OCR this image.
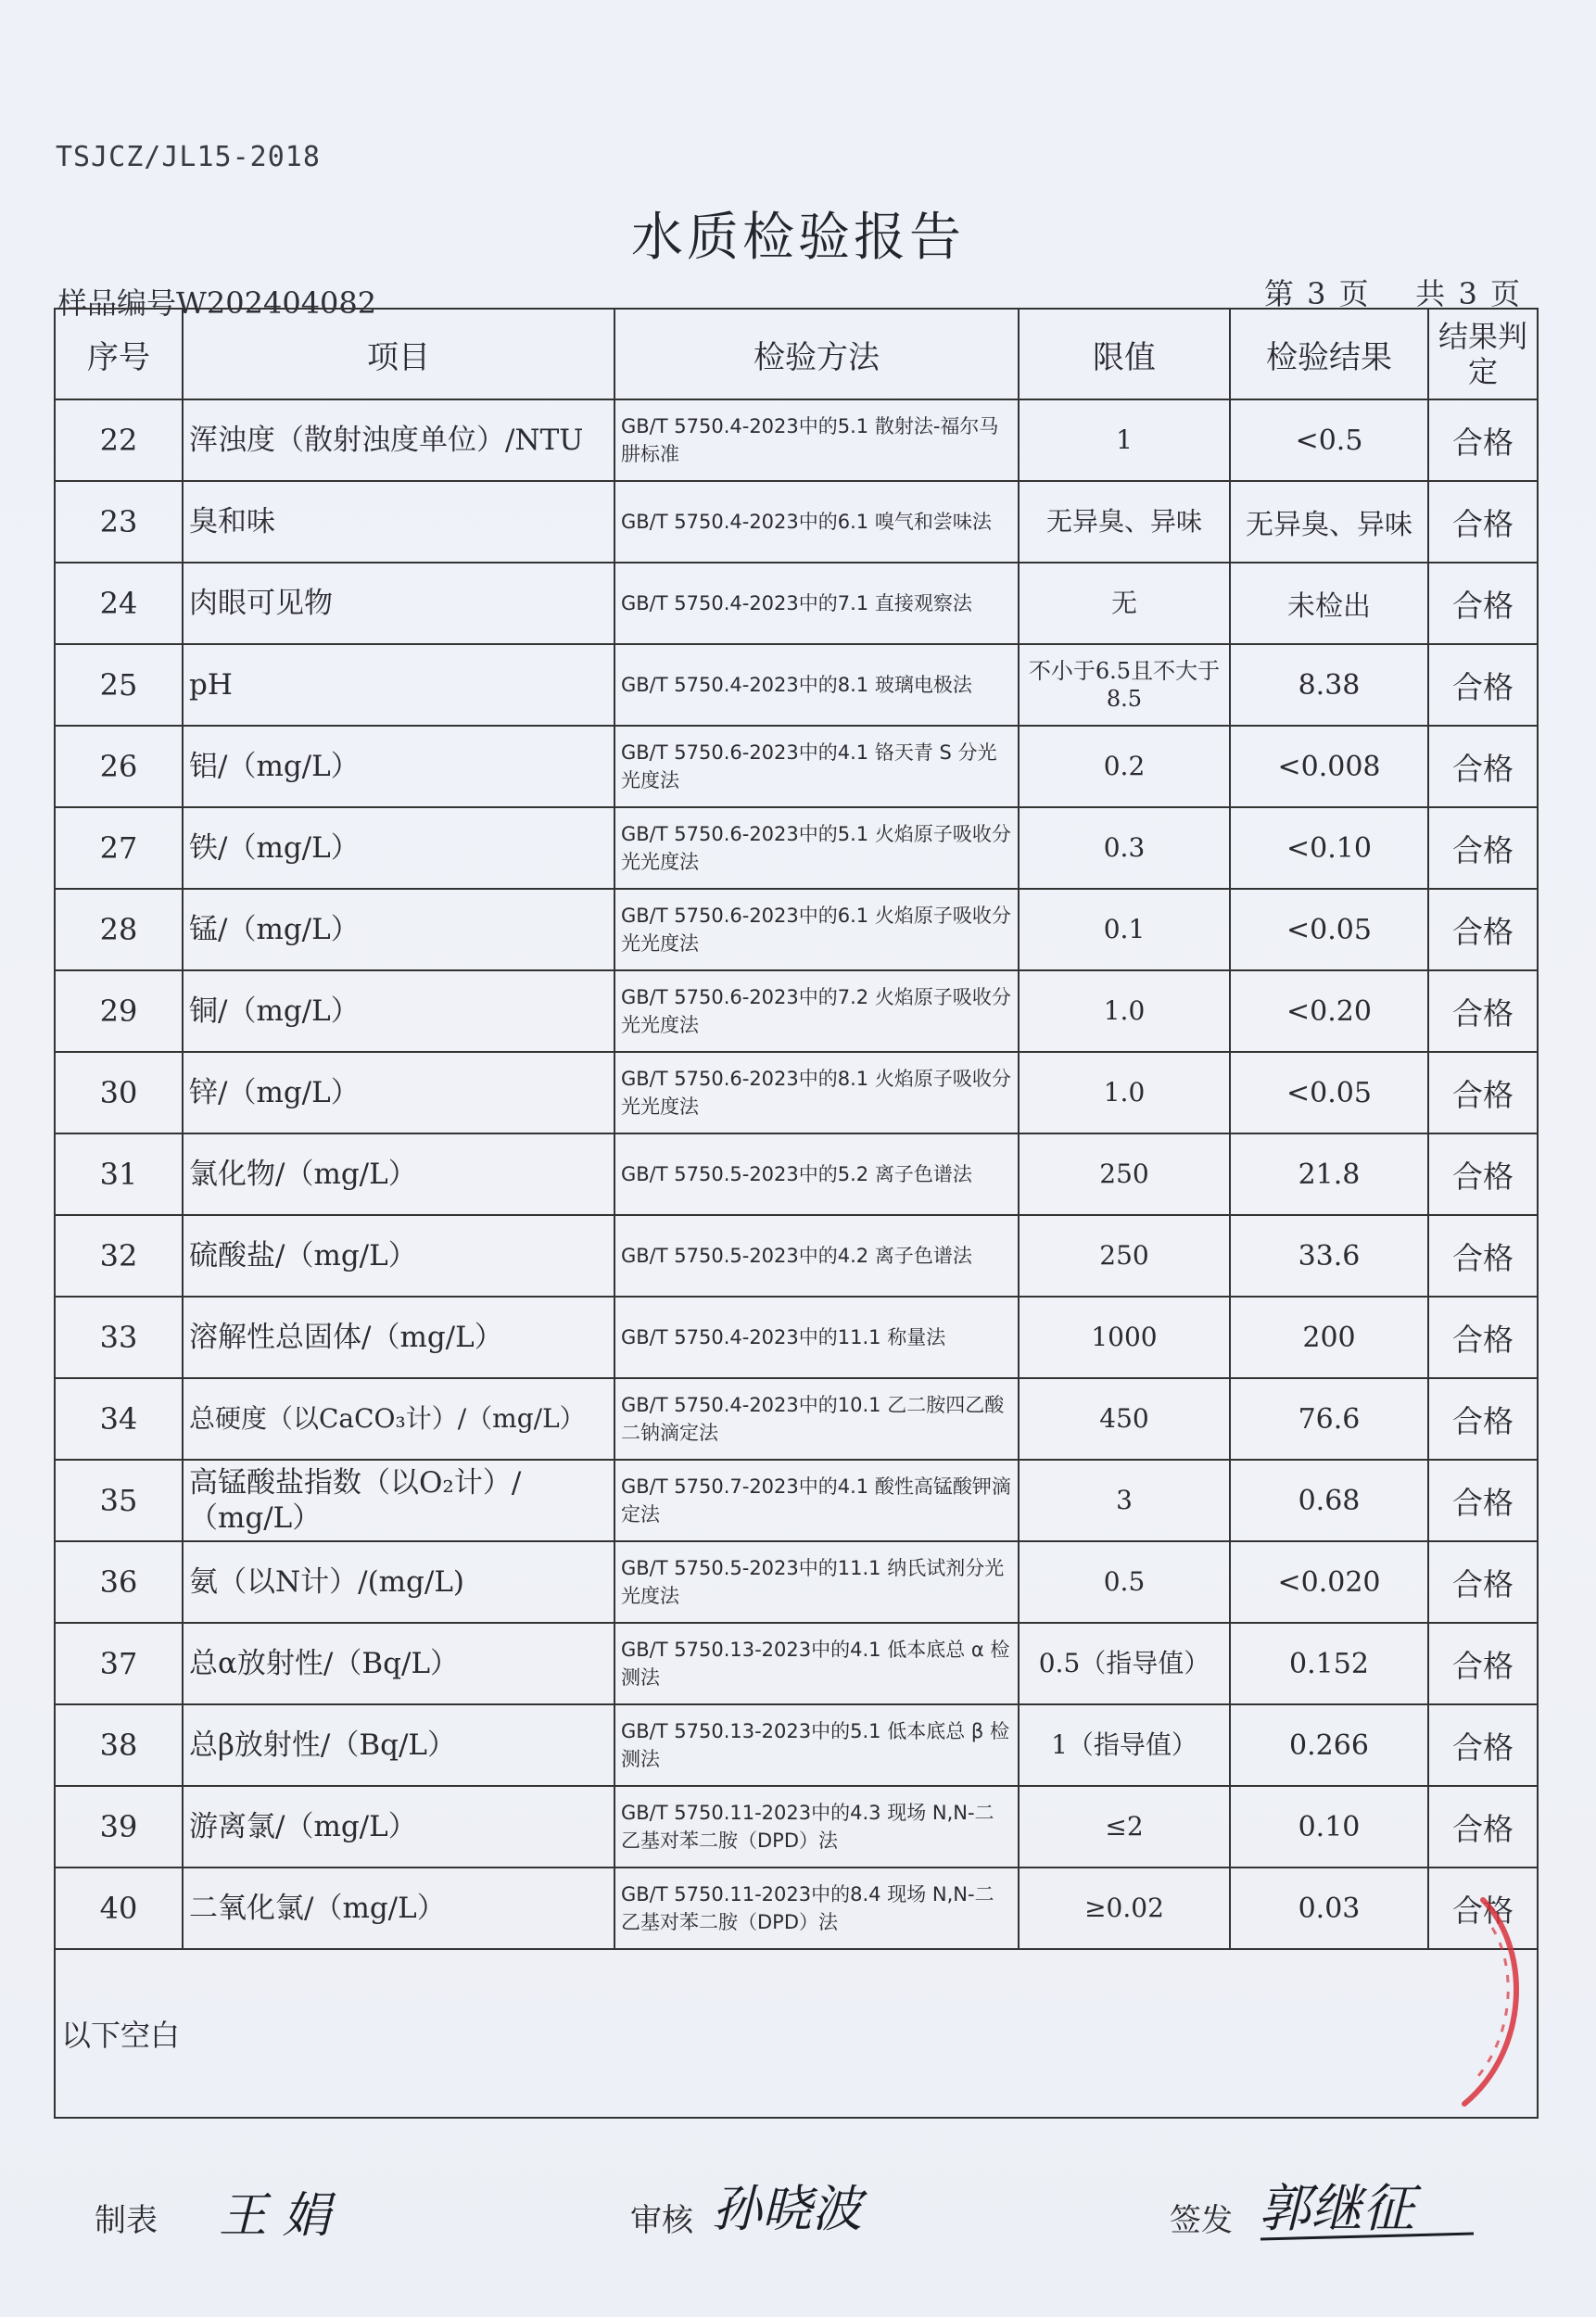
TSJCZ/JL15-2018
水质检验报告
样品编号W202404082	第 3 页    共 3 页
序号	项目	检验方法	限值	检验结果	结果判定
22	浑浊度（散射浊度单位）/NTU	GB/T 5750.4-2023中的5.1 散射法-福尔马肼标准	1	<0.5	合格
23	臭和味	GB/T 5750.4-2023中的6.1 嗅气和尝味法	无异臭、异味	无异臭、异味	合格
24	肉眼可见物	GB/T 5750.4-2023中的7.1 直接观察法	无	未检出	合格
25	pH	GB/T 5750.4-2023中的8.1 玻璃电极法	不小于6.5且不大于8.5	8.38	合格
26	铝/（mg/L）	GB/T 5750.6-2023中的4.1 铬天青 S 分光光度法	0.2	<0.008	合格
27	铁/（mg/L）	GB/T 5750.6-2023中的5.1 火焰原子吸收分光光度法	0.3	<0.10	合格
28	锰/（mg/L）	GB/T 5750.6-2023中的6.1 火焰原子吸收分光光度法	0.1	<0.05	合格
29	铜/（mg/L）	GB/T 5750.6-2023中的7.2 火焰原子吸收分光光度法	1.0	<0.20	合格
30	锌/（mg/L）	GB/T 5750.6-2023中的8.1 火焰原子吸收分光光度法	1.0	<0.05	合格
31	氯化物/（mg/L）	GB/T 5750.5-2023中的5.2 离子色谱法	250	21.8	合格
32	硫酸盐/（mg/L）	GB/T 5750.5-2023中的4.2 离子色谱法	250	33.6	合格
33	溶解性总固体/（mg/L）	GB/T 5750.4-2023中的11.1 称量法	1000	200	合格
34	总硬度（以CaCO₃计）/（mg/L）	GB/T 5750.4-2023中的10.1 乙二胺四乙酸二钠滴定法	450	76.6	合格
35	高锰酸盐指数（以O₂计）/（mg/L）	GB/T 5750.7-2023中的4.1 酸性高锰酸钾滴定法	3	0.68	合格
36	氨（以N计）/(mg/L)	GB/T 5750.5-2023中的11.1 纳氏试剂分光光度法	0.5	<0.020	合格
37	总α放射性/（Bq/L）	GB/T 5750.13-2023中的4.1 低本底总 α 检测法	0.5（指导值）	0.152	合格
38	总β放射性/（Bq/L）	GB/T 5750.13-2023中的5.1 低本底总 β 检测法	1（指导值）	0.266	合格
39	游离氯/（mg/L）	GB/T 5750.11-2023中的4.3 现场 N,N-二乙基对苯二胺（DPD）法	≤2	0.10	合格
40	二氧化氯/（mg/L）	GB/T 5750.11-2023中的8.4 现场 N,N-二乙基对苯二胺（DPD）法	≥0.02	0.03	合格
以下空白					
制表 王 娟	审核 孙晓波	签发 郭继征
